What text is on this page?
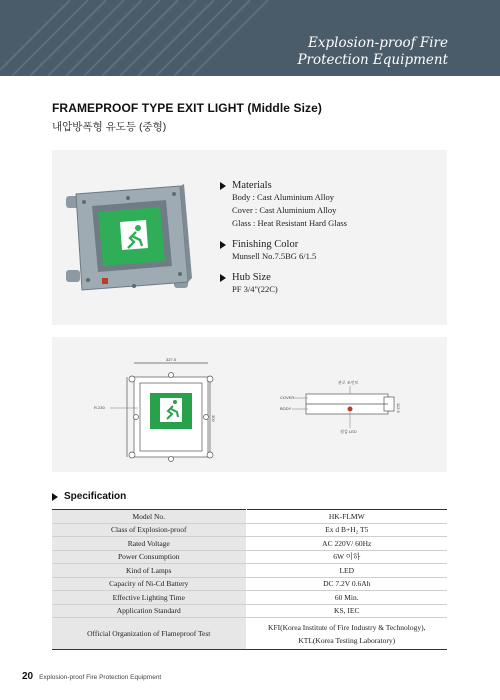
Explosion-proof Fire
Protection Equipment
FRAMEPROOF TYPE EXIT LIGHT (Middle Size)
내압방폭형 유도등 (중형)
Materials
Body : Cast Aluminium Alloy
Cover : Cast Aluminium Alloy
Glass : Heat Resistant Hard Glass
Finishing Color
Munsell No.7.5BG 6/1.5
Hub Size
PF 3/4"(22C)
327.5
300
R.230
관로 조인트
COVER
BODY
점검 LED
112.5
Specification
Model No.	HK-FLMW
Class of Explosion-proof	Ex d B+H₂ T5
Rated Voltage	AC 220V/ 60Hz
Power Consumption	6W 이하
Kind of Lamps	LED
Capacity of Ni-Cd Battery	DC 7.2V 0.6Ah
Effective Lighting Time	60 Min.
Application Standard	KS, IEC
Official Organization of Flameproof Test	KFI(Korea Institute of Fire Industry & Technology),
KTL(Korea Testing Laboratory)
20 Explosion-proof Fire Protection Equipment
